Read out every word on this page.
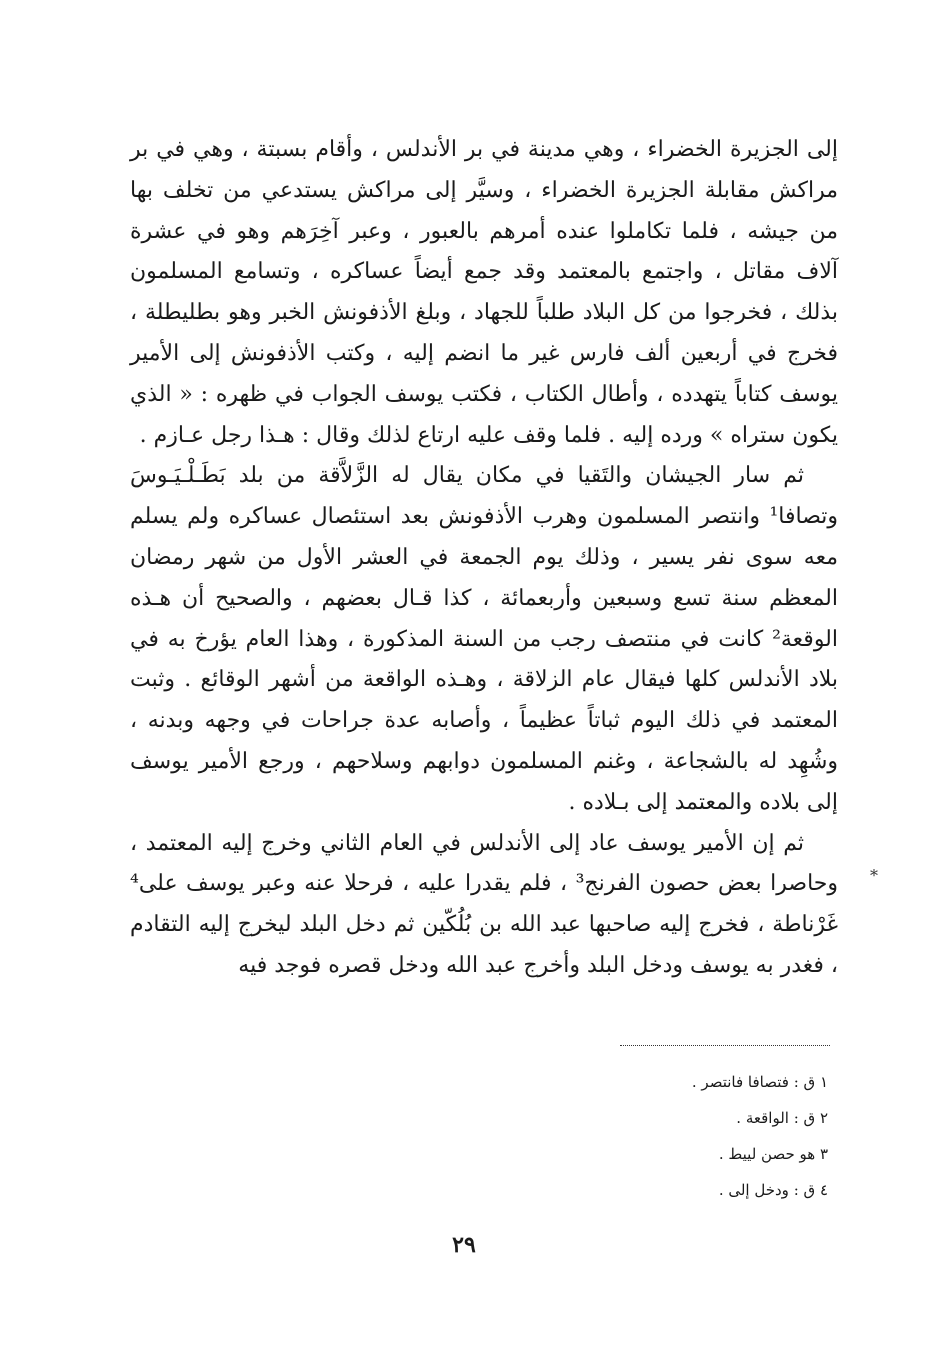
إلى الجزيرة الخضراء ، وهي مدينة في بر الأندلس ، وأقام بسبتة ، وهي في بر مراكش مقابلة الجزيرة الخضراء ، وسيَّر إلى مراكش يستدعي من تخلف بها من جيشه ، فلما تكاملوا عنده أمرهم بالعبور ، وعبر آخِرَهم وهو في عشرة آلاف مقاتل ، واجتمع بالمعتمد وقد جمع أيضاً عساكره ، وتسامع المسلمون بذلك ، فخرجوا من كل البلاد طلباً للجهاد ، وبلغ الأذفونش الخبر وهو بطليطلة ، فخرج في أربعين ألف فارس غير ما انضم إليه ، وكتب الأذفونش إلى الأمير يوسف كتاباً يتهدده ، وأطال الكتاب ، فكتب يوسف الجواب في ظهره : « الذي يكون ستراه » ورده إليه . فلما وقف عليه ارتاع لذلك وقال : هـذا رجل عـازم .

ثم سار الجيشان والتَقيا في مكان يقال له الزَّلاَّقة من بلد بَطَـلْـيَـوسَ وتصافا¹ وانتصر المسلمون وهرب الأذفونش بعد استئصال عساكره ولم يسلم معه سوى نفر يسير ، وذلك يوم الجمعة في العشر الأول من شهر رمضان المعظم سنة تسع وسبعين وأربعمائة ، كذا قـال بعضهم ، والصحيح أن هـذه الوقعة² كانت في منتصف رجب من السنة المذكورة ، وهذا العام يؤرخ به في بلاد الأندلس كلها فيقال عام الزلاقة ، وهـذه الواقعة من أشهر الوقائع . وثبت المعتمد في ذلك اليوم ثباتاً عظيماً ، وأصابه عدة جراحات في وجهه وبدنه ، وشُهِد له بالشجاعة ، وغنم المسلمون دوابهم وسلاحهم ، ورجع الأمير يوسف إلى بلاده والمعتمد إلى بـلاده .

ثم إن الأمير يوسف عاد إلى الأندلس في العام الثاني وخرج إليه المعتمد ، وحاصرا بعض حصون الفرنج³ ، فلم يقدرا عليه ، فرحلا عنه وعبر يوسف على⁴ غَرْناطة ، فخرج إليه صاحبها عبد الله بن بُلُكّين ثم دخل البلد ليخرج إليه التقادم ، فغدر به يوسف ودخل البلد وأخرج عبد الله ودخل قصره فوجد فيه

*
١ ق : فتصافا فانتصر .
٢ ق : الواقعة .
٣ هو حصن لييط .
٤ ق : ودخل إلى .
٢٩
